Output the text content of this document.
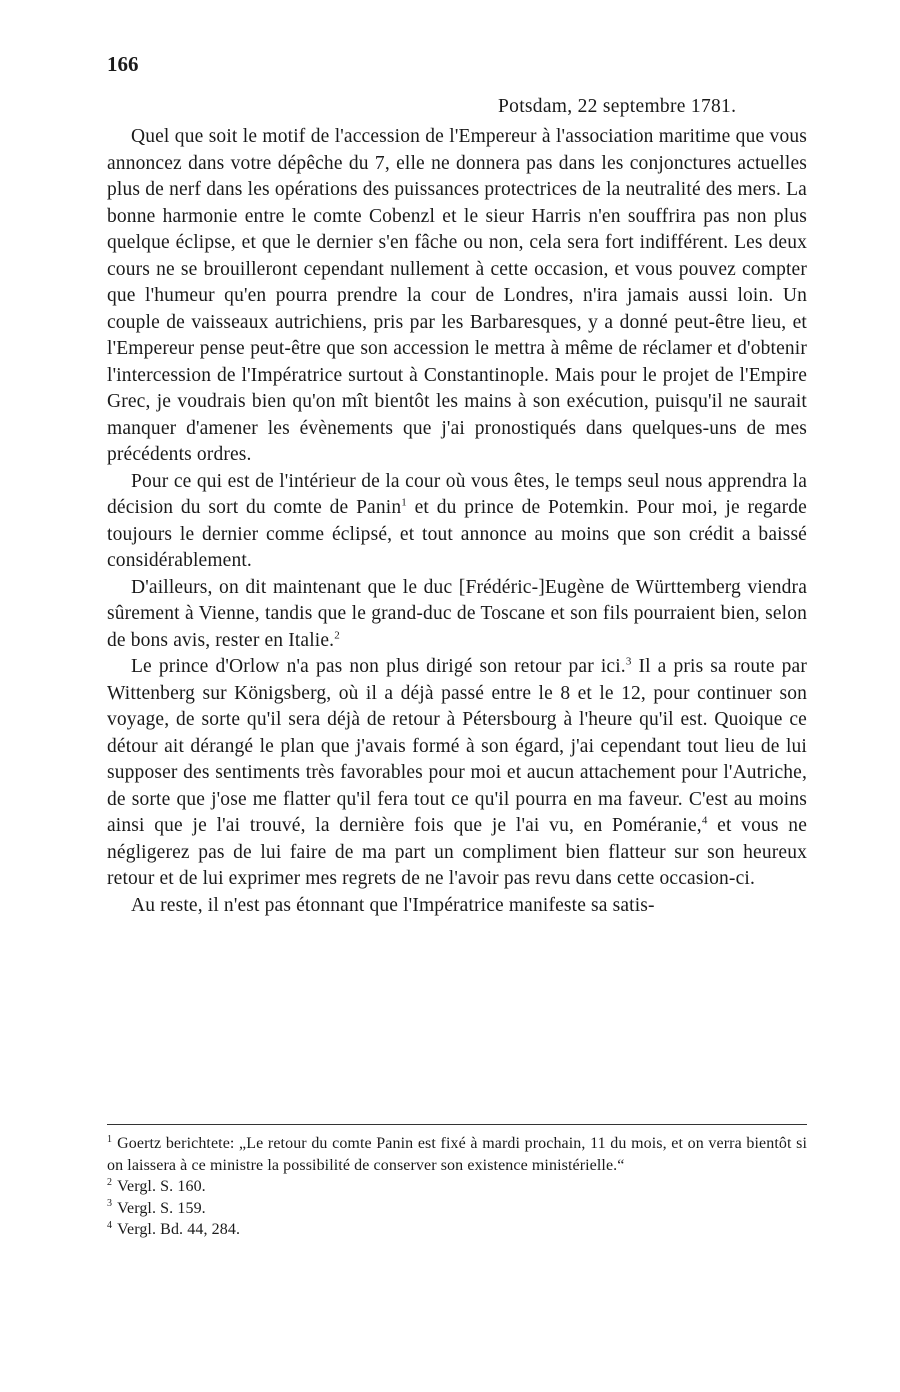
166
Potsdam, 22 septembre 1781.

Quel que soit le motif de l'accession de l'Empereur à l'association maritime que vous annoncez dans votre dépêche du 7, elle ne donnera pas dans les conjonctures actuelles plus de nerf dans les opérations des puissances protectrices de la neutralité des mers. La bonne harmonie entre le comte Cobenzl et le sieur Harris n'en souffrira pas non plus quelque éclipse, et que le dernier s'en fâche ou non, cela sera fort indifférent. Les deux cours ne se brouilleront cependant nullement à cette occasion, et vous pouvez compter que l'humeur qu'en pourra prendre la cour de Londres, n'ira jamais aussi loin. Un couple de vaisseaux autrichiens, pris par les Barbaresques, y a donné peut-être lieu, et l'Empereur pense peut-être que son accession le mettra à même de réclamer et d'obtenir l'intercession de l'Impératrice surtout à Constantinople. Mais pour le projet de l'Empire Grec, je voudrais bien qu'on mît bientôt les mains à son exécution, puisqu'il ne saurait manquer d'amener les évènements que j'ai pronostiqués dans quelques-uns de mes précédents ordres.

Pour ce qui est de l'intérieur de la cour où vous êtes, le temps seul nous apprendra la décision du sort du comte de Panin$^1$ et du prince de Potemkin. Pour moi, je regarde toujours le dernier comme éclipsé, et tout annonce au moins que son crédit a baissé considérablement.

D'ailleurs, on dit maintenant que le duc [Frédéric-]Eugène de Württemberg viendra sûrement à Vienne, tandis que le grand-duc de Toscane et son fils pourraient bien, selon de bons avis, rester en Italie.$^2$

Le prince d'Orlow n'a pas non plus dirigé son retour par ici.$^3$ Il a pris sa route par Wittenberg sur Königsberg, où il a déjà passé entre le 8 et le 12, pour continuer son voyage, de sorte qu'il sera déjà de retour à Pétersbourg à l'heure qu'il est. Quoique ce détour ait dérangé le plan que j'avais formé à son égard, j'ai cependant tout lieu de lui supposer des sentiments très favorables pour moi et aucun attachement pour l'Autriche, de sorte que j'ose me flatter qu'il fera tout ce qu'il pourra en ma faveur. C'est au moins ainsi que je l'ai trouvé, la dernière fois que je l'ai vu, en Poméranie,$^4$ et vous ne négligerez pas de lui faire de ma part un compliment bien flatteur sur son heureux retour et de lui exprimer mes regrets de ne l'avoir pas revu dans cette occasion-ci.

Au reste, il n'est pas étonnant que l'Impératrice manifeste sa satis-

$^1$ Goertz berichtete: „Le retour du comte Panin est fixé à mardi prochain, 11 du mois, et on verra bientôt si on laissera à ce ministre la possibilité de conserver son existence ministérielle.“

$^2$ Vergl. S. 160.

$^3$ Vergl. S. 159.

$^4$ Vergl. Bd. 44, 284.
